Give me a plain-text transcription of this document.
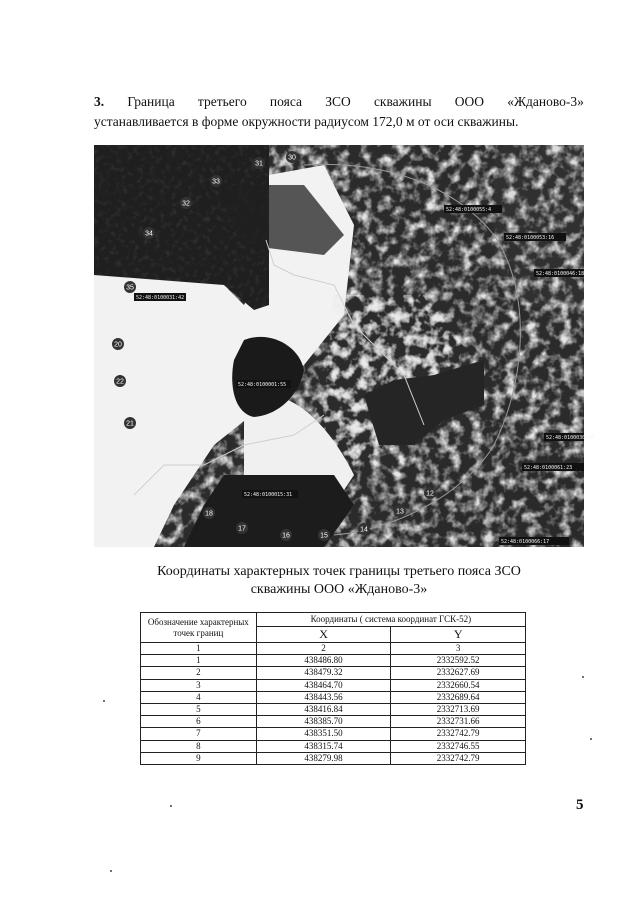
3. Граница третьего пояса ЗСО скважины ООО «Жданово-3»
устанавливается в форме окружности радиусом 172,0 м от оси скважины.
52:48:0100055:4
52:48:0100053:16
52:48:0100046:18
52:48:0100031:42
52:48:0100001:55
52:48:0100030:60
52:48:0100061:23
52:48:0100015:31
52:48:0100066:17
31
30
33
32
34
35
20
22
21
17
18
16	15
14
13
12
Координаты характерных точек границы третьего пояса ЗСО
скважины ООО «Жданово-3»
Обозначение характерных точек границ	Координаты ( система координат ГСК-52)	
	X	Y
1	2	3
1	438486.80	2332592.52
2	438479.32	2332627.69
3	438464.70	2332660.54
4	438443.56	2332689.64
5	438416.84	2332713.69
6	438385.70	2332731.66
7	438351.50	2332742.79
8	438315.74	2332746.55
9	438279.98	2332742.79
5
